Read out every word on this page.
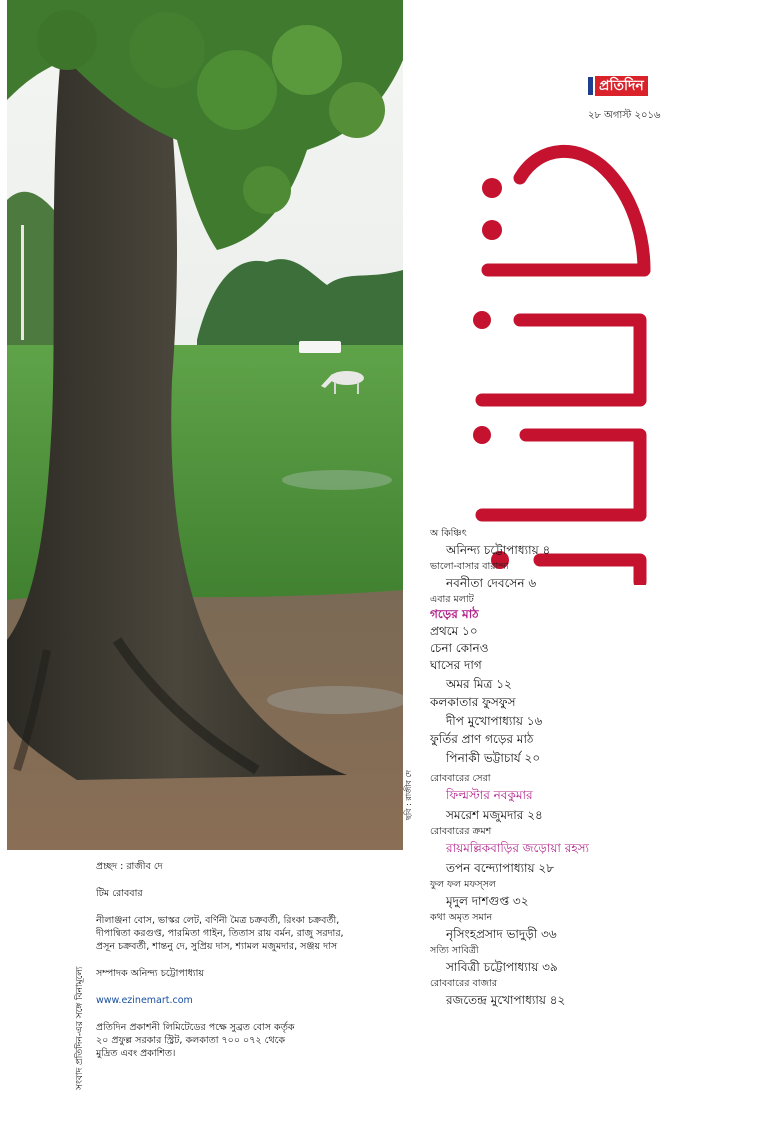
ছবি : রাজীব দে
প্রতিদিন
২৮ অগাস্ট ২০১৬
অ কিঞ্চিৎ
অনিন্দ্য চট্টোপাধ্যায় ৪
ভালো-বাসার বারান্দা
নবনীতা দেবসেন ৬
এবার মলাট
গড়ের মাঠ
প্রথমে ১০
চেনা কোনও
ঘাসের দাগ
অমর মিত্র ১২
কলকাতার ফুসফুস
দীপ মুখোপাধ্যায় ১৬
ফুর্তির প্রাণ গড়ের মাঠ
পিনাকী ভট্টাচার্য ২০
রোববারের সেরা
ফিল্মস্টার নবকুমার
সমরেশ মজুমদার ২৪
রোববারের ক্রমশ
রায়মল্লিকবাড়ির জড়োয়া রহস্য
তপন বন্দ্যোপাধ্যায় ২৮
ফুল ফল মফস্সল
মৃদুল দাশগুপ্ত ৩২
কথা অমৃত সমান
নৃসিংহপ্রসাদ ভাদুড়ী ৩৬
সত্যি সাবিত্রী
সাবিত্রী চট্টোপাধ্যায় ৩৯
রোববারের বাজার
রজতেন্দ্র মুখোপাধ্যায় ৪২
সংবাদ প্রতিদিন-এর সঙ্গে বিনামূল্যে
প্রচ্ছদ : রাজীব দে
টিম রোববার
নীলাঞ্জনা বোস, ভাস্কর লেট, বর্ণিনী মৈত্র চক্রবর্তী, রিংকা চক্রবর্তী,
দীপান্বিতা করগুপ্ত, পারমিতা গাইন, তিতাস রায় বর্মন, রাজু সরদার,
প্রসূন চক্রবর্তী, শান্তনু দে, সুপ্রিয় দাস, শ্যামল মজুমদার, সঞ্জয় দাস
সম্পাদক অনিন্দ্য চট্টোপাধ্যায়
www.ezinemart.com
প্রতিদিন প্রকাশনী লিমিটেডের পক্ষে সুব্রত বোস কর্তৃক
২০ প্রফুল্ল সরকার স্ট্রিট, কলকাতা ৭০০ ০৭২ থেকে
মুদ্রিত এবং প্রকাশিত।
